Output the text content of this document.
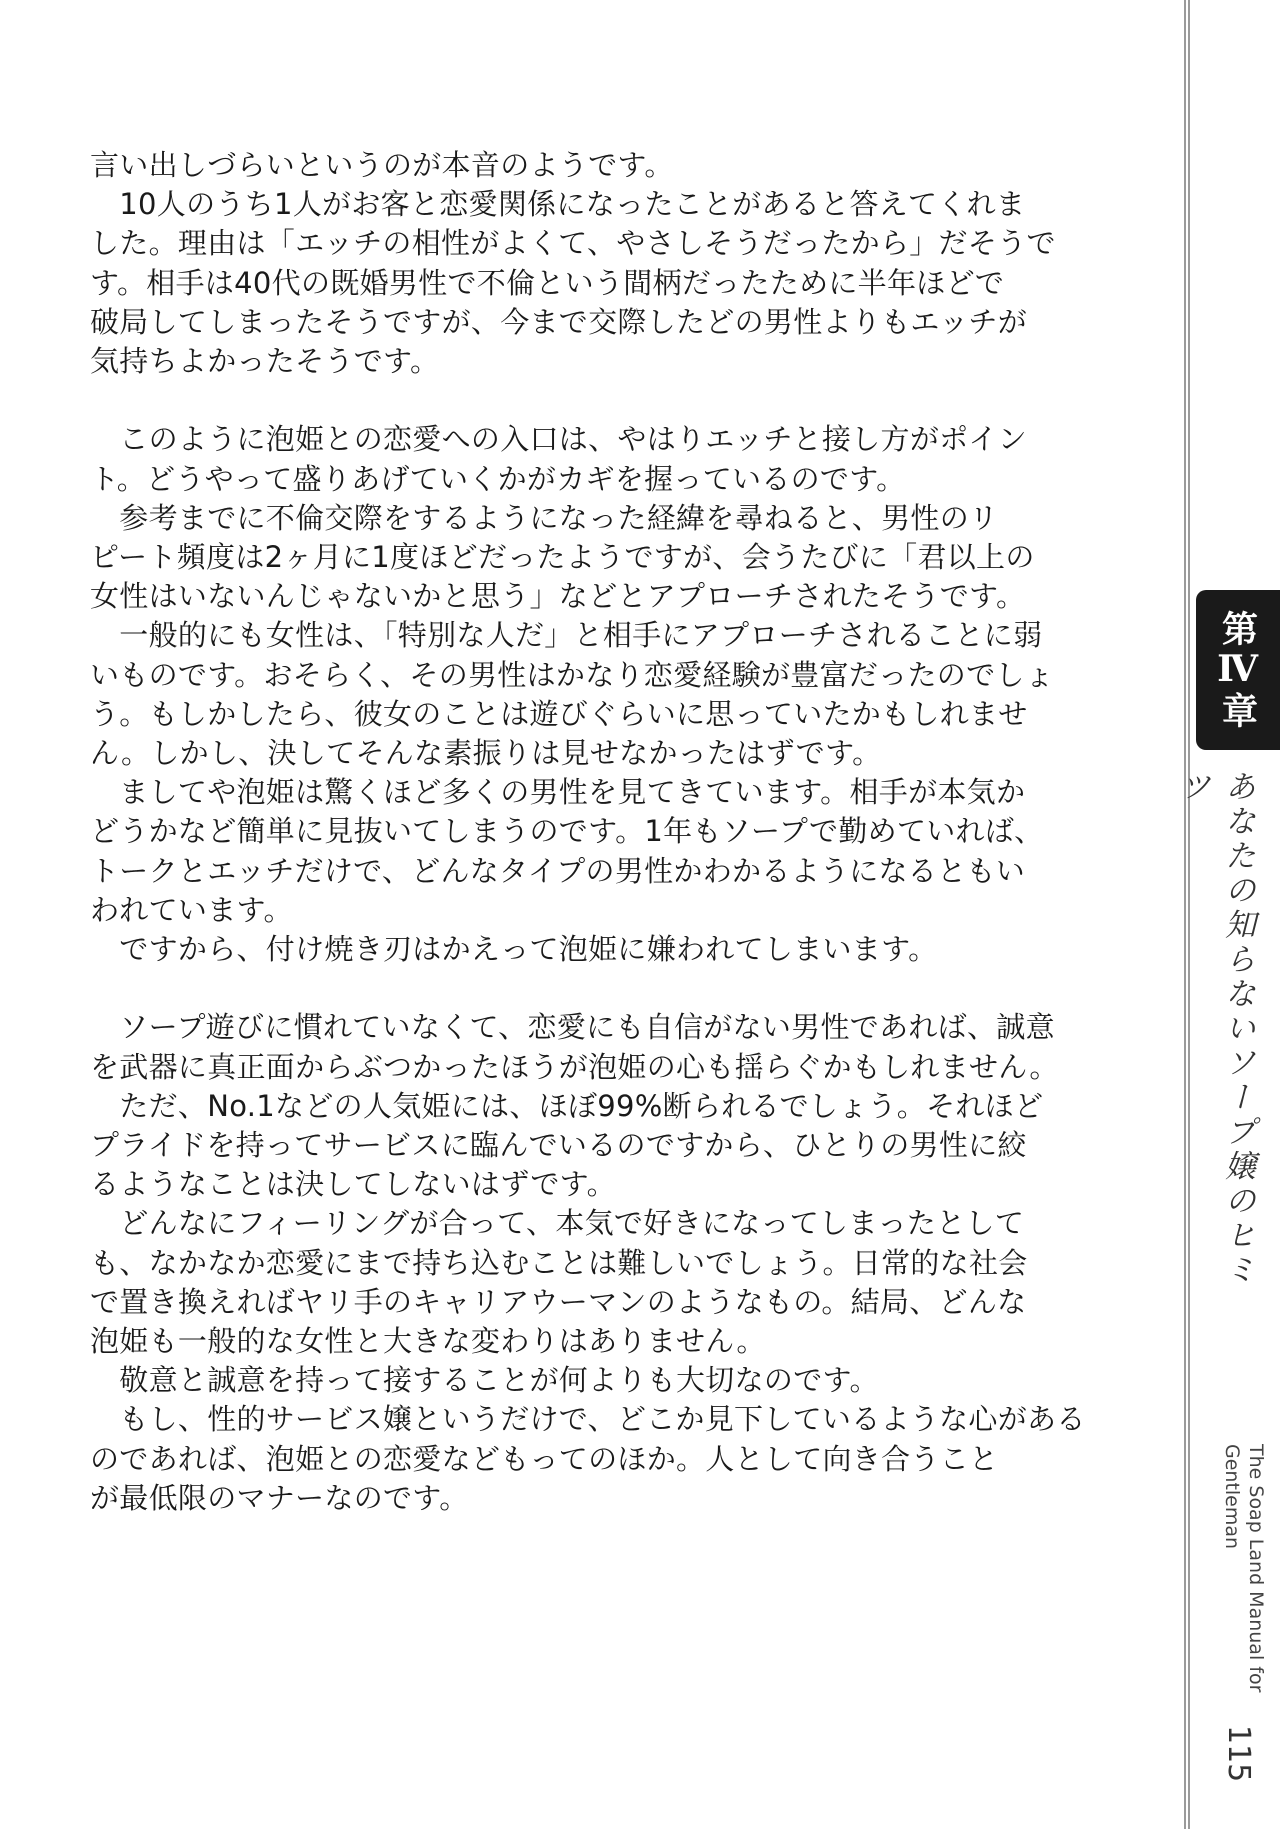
言い出しづらいというのが本音のようです。

　10人のうち1人がお客と恋愛関係になったことがあると答えてくれま

した。理由は「エッチの相性がよくて、やさしそうだったから」だそうで

す。相手は40代の既婚男性で不倫という間柄だったために半年ほどで

破局してしまったそうですが、今まで交際したどの男性よりもエッチが

気持ちよかったそうです。

　このように泡姫との恋愛への入口は、やはりエッチと接し方がポイン

ト。どうやって盛りあげていくかがカギを握っているのです。

　参考までに不倫交際をするようになった経緯を尋ねると、男性のリ

ピート頻度は2ヶ月に1度ほどだったようですが、会うたびに「君以上の

女性はいないんじゃないかと思う」などとアプローチされたそうです。

　一般的にも女性は、「特別な人だ」と相手にアプローチされることに弱

いものです。おそらく、その男性はかなり恋愛経験が豊富だったのでしょ

う。もしかしたら、彼女のことは遊びぐらいに思っていたかもしれませ

ん。しかし、決してそんな素振りは見せなかったはずです。

　ましてや泡姫は驚くほど多くの男性を見てきています。相手が本気か

どうかなど簡単に見抜いてしまうのです。1年もソープで勤めていれば、

トークとエッチだけで、どんなタイプの男性かわかるようになるともい

われています。

　ですから、付け焼き刃はかえって泡姫に嫌われてしまいます。

　ソープ遊びに慣れていなくて、恋愛にも自信がない男性であれば、誠意

を武器に真正面からぶつかったほうが泡姫の心も揺らぐかもしれません。

　ただ、No.1などの人気姫には、ほぼ99%断られるでしょう。それほど

プライドを持ってサービスに臨んでいるのですから、ひとりの男性に絞

るようなことは決してしないはずです。

　どんなにフィーリングが合って、本気で好きになってしまったとして

も、なかなか恋愛にまで持ち込むことは難しいでしょう。日常的な社会

で置き換えればヤリ手のキャリアウーマンのようなもの。結局、どんな

泡姫も一般的な女性と大きな変わりはありません。

　敬意と誠意を持って接することが何よりも大切なのです。

　もし、性的サービス嬢というだけで、どこか見下しているような心がある

のであれば、泡姫との恋愛などもってのほか。人として向き合うこと

が最低限のマナーなのです。

第Ⅳ章
あなたの知らないソープ嬢のヒミツ
The Soap Land Manual for Gentleman
115
